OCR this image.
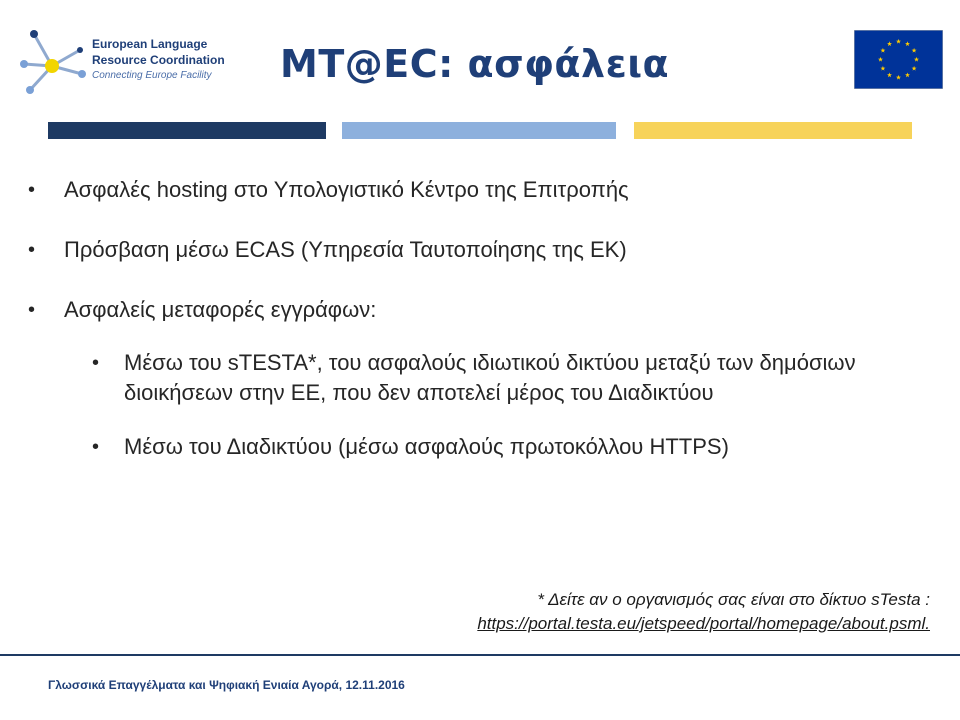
European Language
Resource Coordination
Connecting Europe Facility	MT@EC: ασφάλεια
• Ασφαλές hosting στο Υπολογιστικό Κέντρο της Επιτροπής
• Πρόσβαση μέσω ECAS (Υπηρεσία Ταυτοποίησης της ΕΚ)
• Ασφαλείς μεταφορές εγγράφων:
• Μέσω του sTESTA*, του ασφαλούς ιδιωτικού δικτύου μεταξύ των δημόσιων διοικήσεων στην ΕΕ, που δεν αποτελεί μέρος του Διαδικτύου
• Μέσω του Διαδικτύου (μέσω ασφαλούς πρωτοκόλλου HTTPS)
* Δείτε αν ο οργανισμός σας είναι στο δίκτυο sTesta :
https://portal.testa.eu/jetspeed/portal/homepage/about.psml.
Γλωσσικά Επαγγέλματα και Ψηφιακή Ενιαία Αγορά, 12.11.2016
